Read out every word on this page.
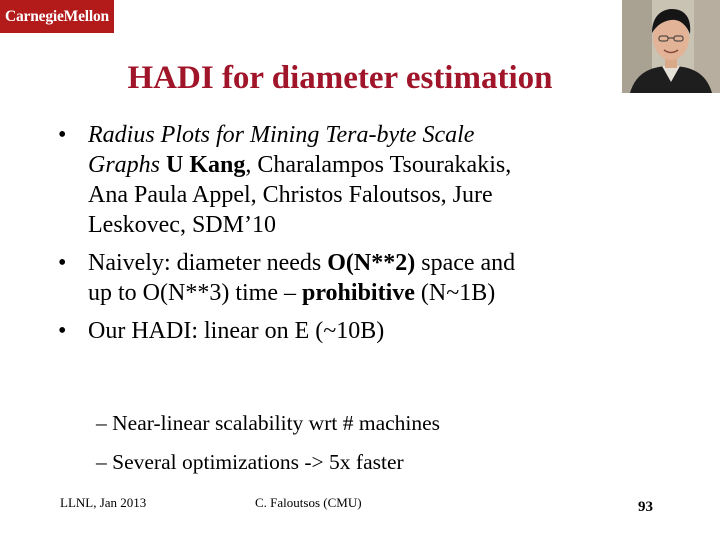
CarnegieMellon
HADI for diameter estimation
• Radius Plots for Mining Tera-byte Scale
Graphs U Kang, Charalampos Tsourakakis,
Ana Paula Appel, Christos Faloutsos, Jure
Leskovec, SDM’10
• Naively: diameter needs O(N**2) space and
up to O(N**3) time – prohibitive (N~1B)
• Our HADI: linear on E (~10B)
– Near-linear scalability wrt # machines
– Several optimizations -> 5x faster
LLNL, Jan 2013	C. Faloutsos (CMU)	93
